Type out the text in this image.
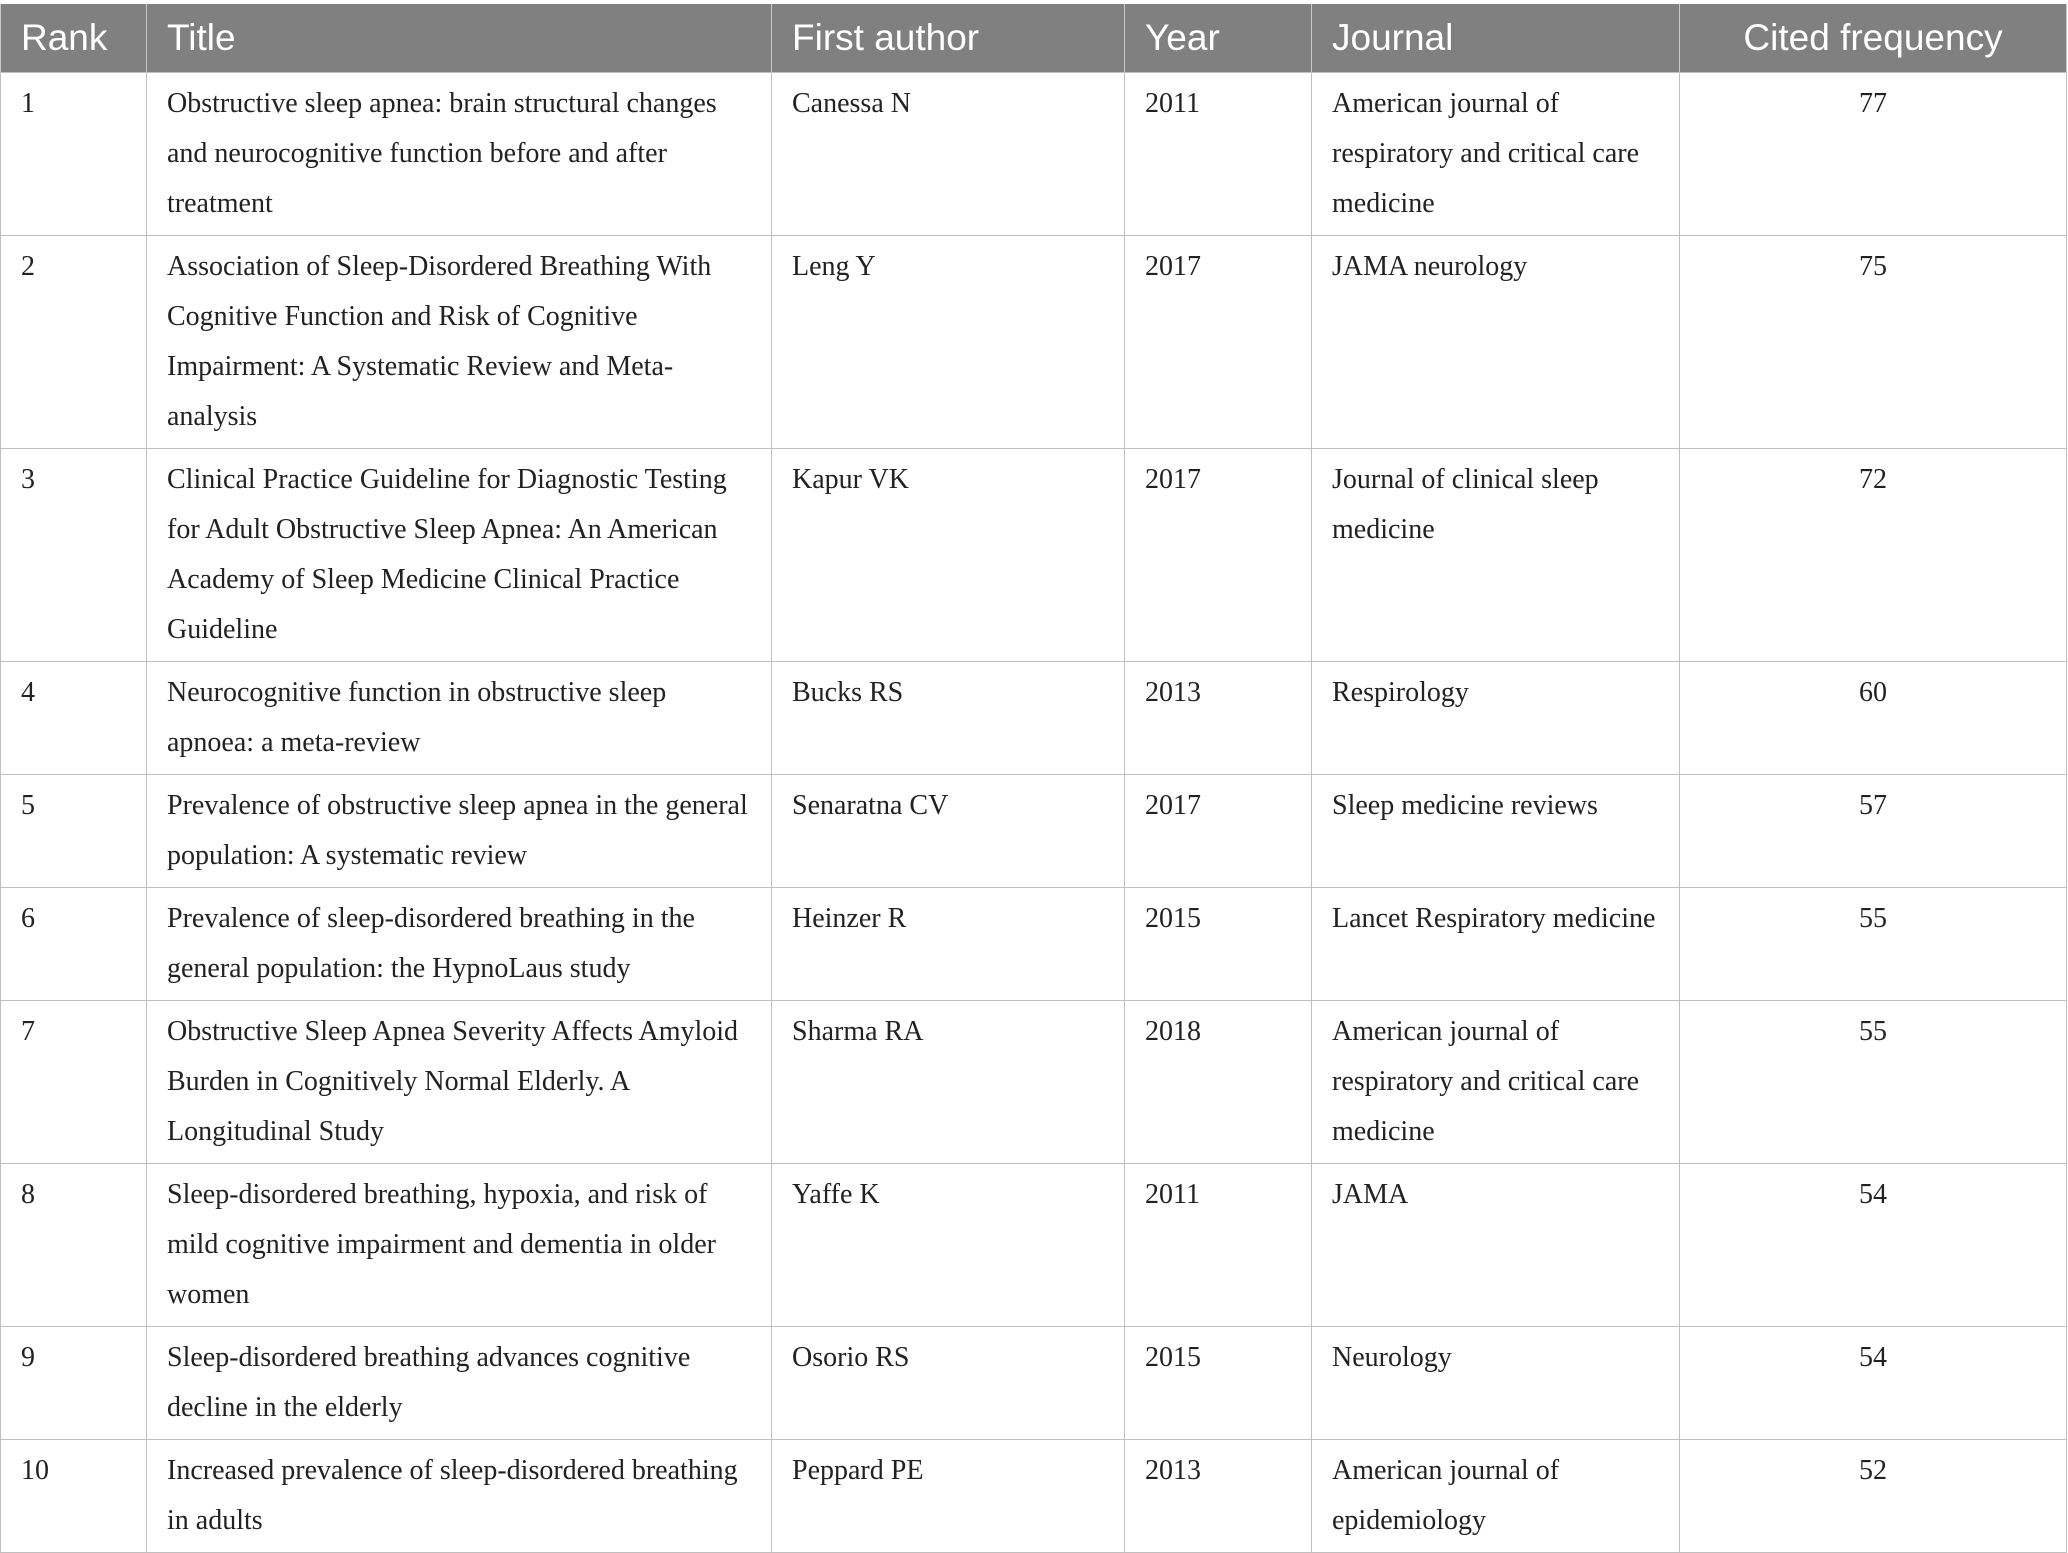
Rank	Title	First author	Year	Journal	Cited frequency
1	Obstructive sleep apnea: brain structural changes and neurocognitive function before and after treatment	Canessa N	2011	American journal of respiratory and critical care medicine	77
2	Association of Sleep-Disordered Breathing With Cognitive Function and Risk of Cognitive Impairment: A Systematic Review and Meta-analysis	Leng Y	2017	JAMA neurology	75
3	Clinical Practice Guideline for Diagnostic Testing for Adult Obstructive Sleep Apnea: An American Academy of Sleep Medicine Clinical Practice Guideline	Kapur VK	2017	Journal of clinical sleep medicine	72
4	Neurocognitive function in obstructive sleep apnoea: a meta-review	Bucks RS	2013	Respirology	60
5	Prevalence of obstructive sleep apnea in the general population: A systematic review	Senaratna CV	2017	Sleep medicine reviews	57
6	Prevalence of sleep-disordered breathing in the general population: the HypnoLaus study	Heinzer R	2015	Lancet Respiratory medicine	55
7	Obstructive Sleep Apnea Severity Affects Amyloid Burden in Cognitively Normal Elderly. A Longitudinal Study	Sharma RA	2018	American journal of respiratory and critical care medicine	55
8	Sleep-disordered breathing, hypoxia, and risk of mild cognitive impairment and dementia in older women	Yaffe K	2011	JAMA	54
9	Sleep-disordered breathing advances cognitive decline in the elderly	Osorio RS	2015	Neurology	54
10	Increased prevalence of sleep-disordered breathing in adults	Peppard PE	2013	American journal of epidemiology	52
